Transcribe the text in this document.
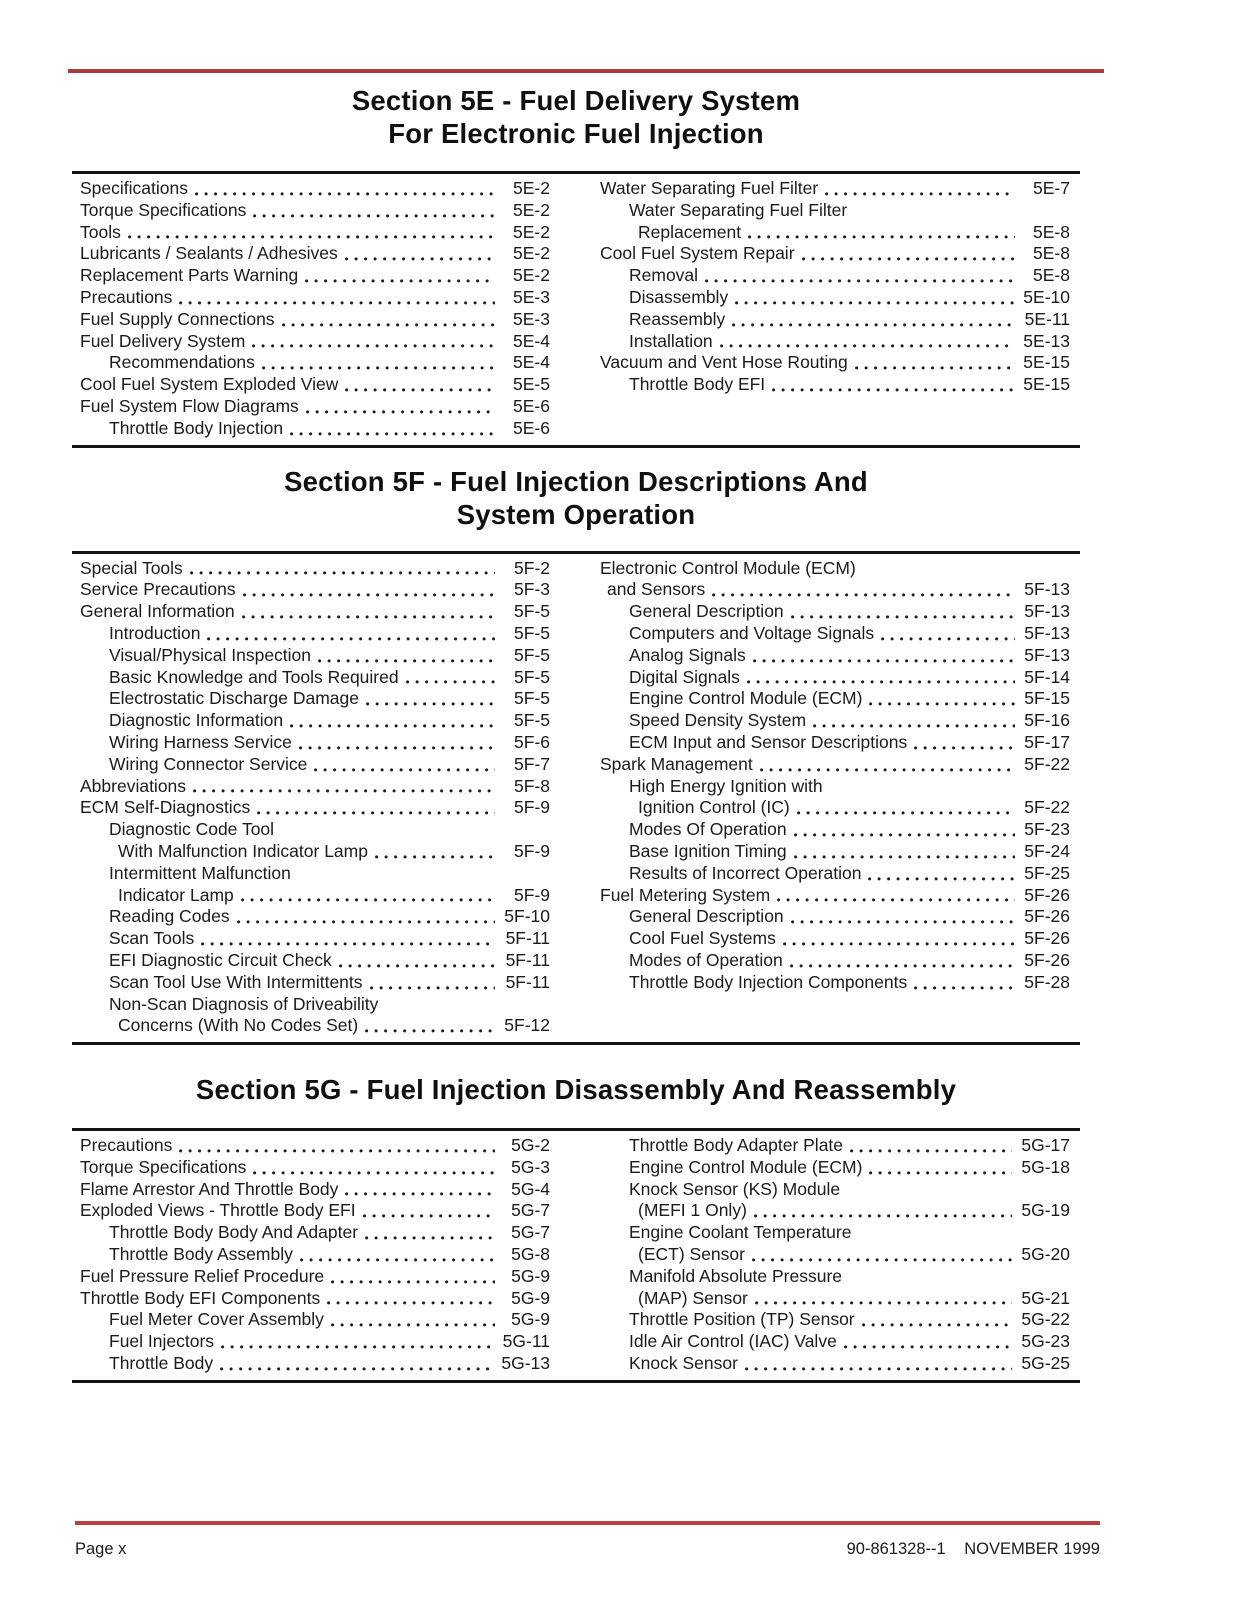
Section 5E - Fuel Delivery System
For Electronic Fuel Injection
Specifications	5E-2
Torque Specifications	5E-2
Tools	5E-2
Lubricants / Sealants / Adhesives	5E-2
Replacement Parts Warning	5E-2
Precautions	5E-3
Fuel Supply Connections	5E-3
Fuel Delivery System	5E-4
Recommendations	5E-4
Cool Fuel System Exploded View	5E-5
Fuel System Flow Diagrams	5E-6
Throttle Body Injection	5E-6
Water Separating Fuel Filter	5E-7
Water Separating Fuel Filter
Replacement	5E-8
Cool Fuel System Repair	5E-8
Removal	5E-8
Disassembly	5E-10
Reassembly	5E-11
Installation	5E-13
Vacuum and Vent Hose Routing	5E-15
Throttle Body EFI	5E-15
Section 5F - Fuel Injection Descriptions And
System Operation
Special Tools	5F-2
Service Precautions	5F-3
General Information	5F-5
Introduction	5F-5
Visual/Physical Inspection	5F-5
Basic Knowledge and Tools Required	5F-5
Electrostatic Discharge Damage	5F-5
Diagnostic Information	5F-5
Wiring Harness Service	5F-6
Wiring Connector Service	5F-7
Abbreviations	5F-8
ECM Self-Diagnostics	5F-9
Diagnostic Code Tool
With Malfunction Indicator Lamp	5F-9
Intermittent Malfunction
Indicator Lamp	5F-9
Reading Codes	5F-10
Scan Tools	5F-11
EFI Diagnostic Circuit Check	5F-11
Scan Tool Use With Intermittents	5F-11
Non-Scan Diagnosis of Driveability
Concerns (With No Codes Set)	5F-12
Electronic Control Module (ECM)
and Sensors	5F-13
General Description	5F-13
Computers and Voltage Signals	5F-13
Analog Signals	5F-13
Digital Signals	5F-14
Engine Control Module (ECM)	5F-15
Speed Density System	5F-16
ECM Input and Sensor Descriptions	5F-17
Spark Management	5F-22
High Energy Ignition with
Ignition Control (IC)	5F-22
Modes Of Operation	5F-23
Base Ignition Timing	5F-24
Results of Incorrect Operation	5F-25
Fuel Metering System	5F-26
General Description	5F-26
Cool Fuel Systems	5F-26
Modes of Operation	5F-26
Throttle Body Injection Components	5F-28
Section 5G - Fuel Injection Disassembly And Reassembly
Precautions	5G-2
Torque Specifications	5G-3
Flame Arrestor And Throttle Body	5G-4
Exploded Views - Throttle Body EFI	5G-7
Throttle Body Body And Adapter	5G-7
Throttle Body Assembly	5G-8
Fuel Pressure Relief Procedure	5G-9
Throttle Body EFI Components	5G-9
Fuel Meter Cover Assembly	5G-9
Fuel Injectors	5G-11
Throttle Body	5G-13
Throttle Body Adapter Plate	5G-17
Engine Control Module (ECM)	5G-18
Knock Sensor (KS) Module
(MEFI 1 Only)	5G-19
Engine Coolant Temperature
(ECT) Sensor	5G-20
Manifold Absolute Pressure
(MAP) Sensor	5G-21
Throttle Position (TP) Sensor	5G-22
Idle Air Control (IAC) Valve	5G-23
Knock Sensor	5G-25
Page x	90-861328--1 NOVEMBER 1999
